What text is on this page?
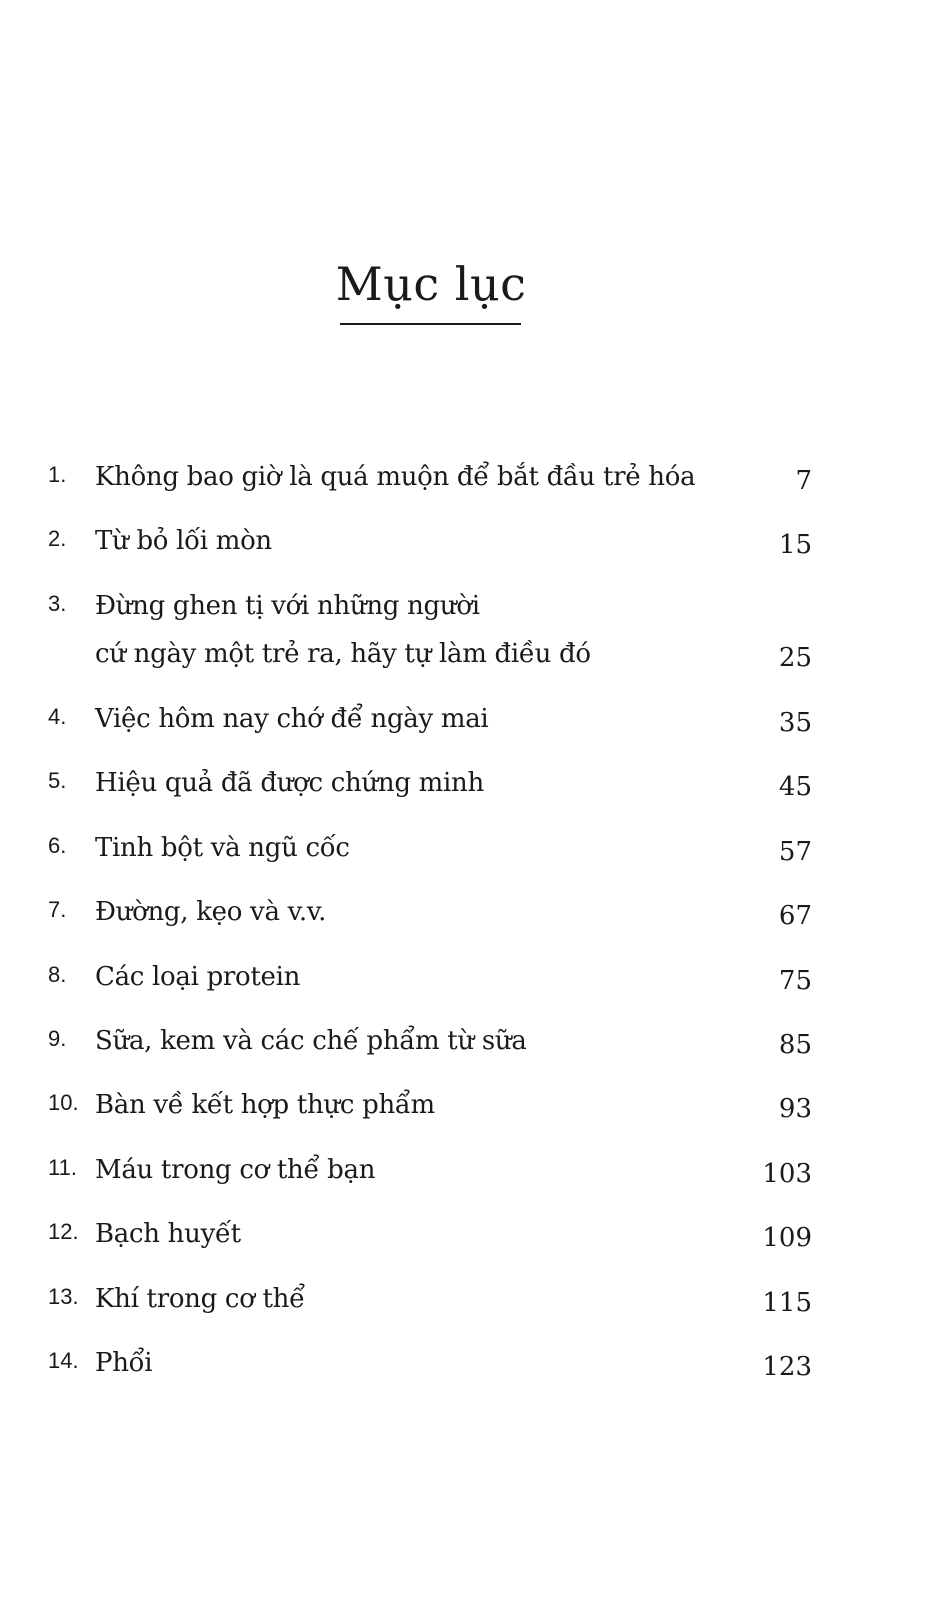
Mục lục
1. Không bao giờ là quá muộn để bắt đầu trẻ hóa	7
2. Từ bỏ lối mòn	15
3. Đừng ghen tị với những người
cứ ngày một trẻ ra, hãy tự làm điều đó	25
4. Việc hôm nay chớ để ngày mai	35
5. Hiệu quả đã được chứng minh	45
6. Tinh bột và ngũ cốc	57
7. Đường, kẹo và v.v.	67
8. Các loại protein	75
9. Sữa, kem và các chế phẩm từ sữa	85
10. Bàn về kết hợp thực phẩm	93
11. Máu trong cơ thể bạn	103
12. Bạch huyết	109
13. Khí trong cơ thể	115
14. Phổi	123
